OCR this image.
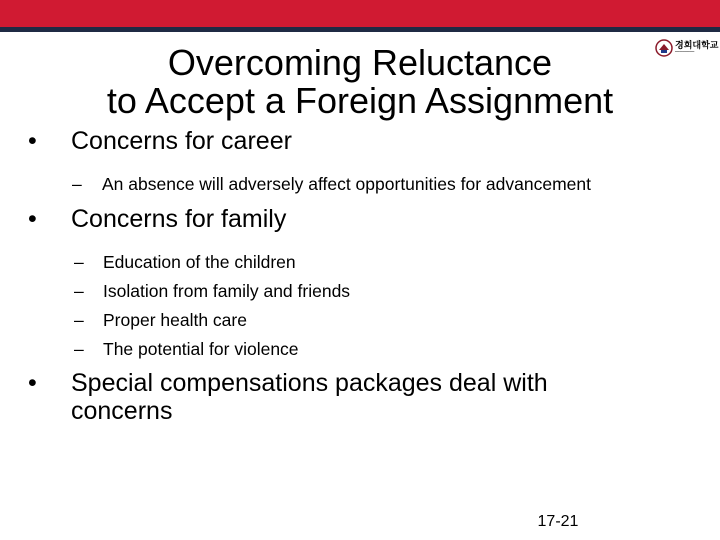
경희대학교
━━━━━━━━
Overcoming Reluctance
to Accept a Foreign Assignment
•	Concerns for career
– An absence will adversely affect opportunities for advancement
•	Concerns for family
– Education of the children
– Isolation from family and friends
– Proper health care
– The potential for violence
•	Special compensations packages deal with concerns
17-21
